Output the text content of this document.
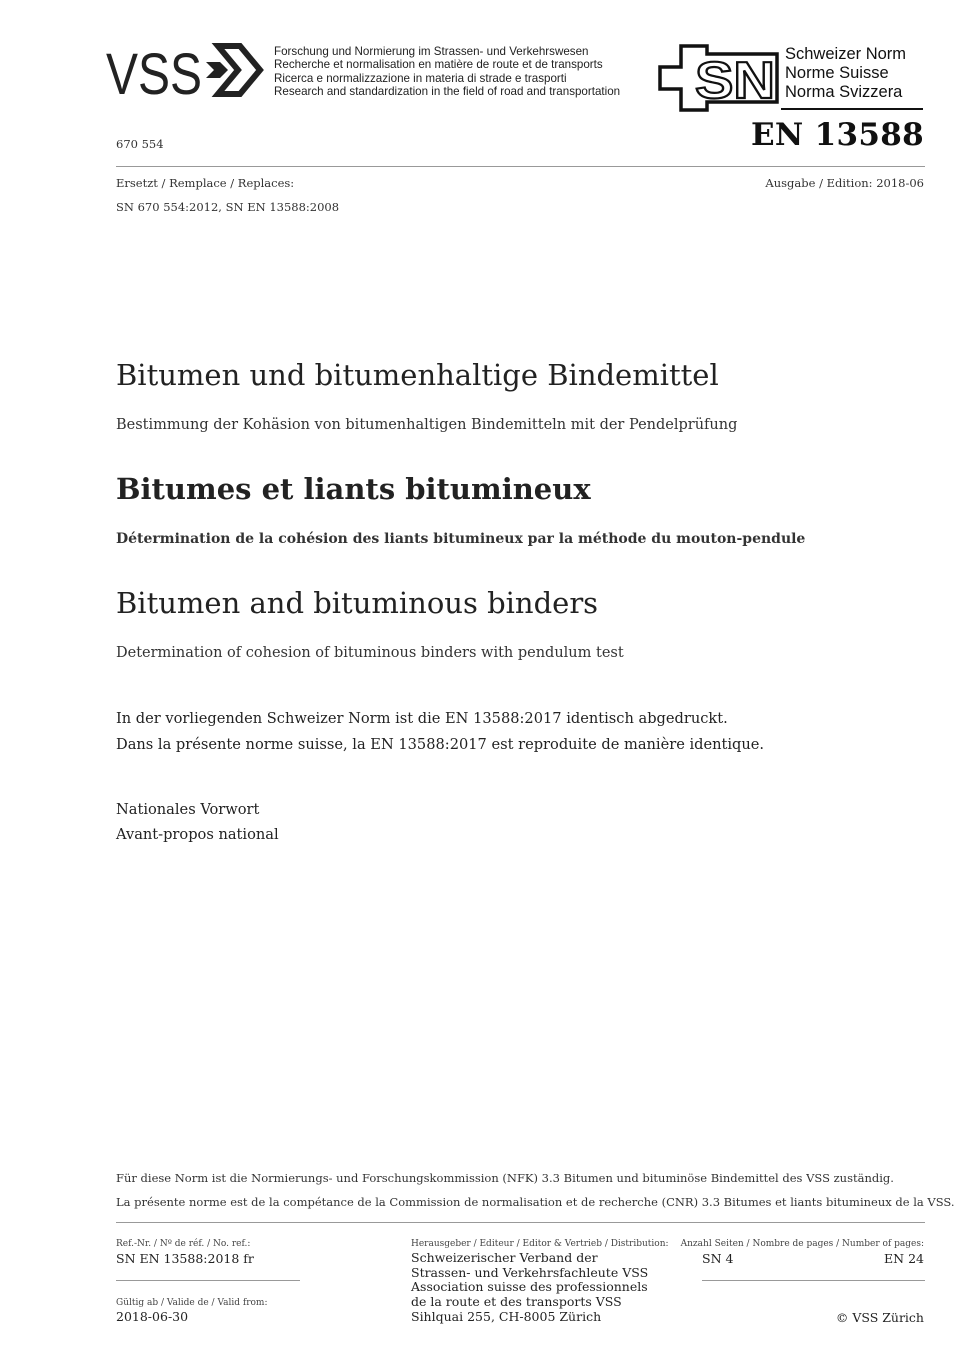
VSS	Forschung und Normierung im Strassen- und Verkehrswesen
Recherche et normalisation en matière de route et de transports
Ricerca e normalizzazione in materia di strade e trasporti
Research and standardization in the field of road and transportation SN Schweizer Norm
Norme Suisse
Norma Svizzera
670 554	EN 13588
Ersetzt / Remplace / Replaces:	Ausgabe / Edition: 2018-06
SN 670 554:2012, SN EN 13588:2008
Bitumen und bitumenhaltige Bindemittel
Bestimmung der Kohäsion von bitumenhaltigen Bindemitteln mit der Pendelprüfung
Bitumes et liants bitumineux
Détermination de la cohésion des liants bitumineux par la méthode du mouton-pendule
Bitumen and bituminous binders
Determination of cohesion of bituminous binders with pendulum test
In der vorliegenden Schweizer Norm ist die EN 13588:2017 identisch abgedruckt.
Dans la présente norme suisse, la EN 13588:2017 est reproduite de manière identique.
Nationales Vorwort
Avant-propos national
Für diese Norm ist die Normierungs- und Forschungskommission (NFK) 3.3 Bitumen und bituminöse Bindemittel des VSS zuständig.
La présente norme est de la compétance de la Commission de normalisation et de recherche (CNR) 3.3 Bitumes et liants bitumineux de la VSS.
Ref.-Nr. / Nº de réf. / No. ref.:
SN EN 13588:2018 fr
Gültig ab / Valide de / Valid from:
2018-06-30
Herausgeber / Editeur / Editor & Vertrieb / Distribution:
Schweizerischer Verband der
Strassen- und Verkehrsfachleute VSS
Association suisse des professionnels
de la route et des transports VSS
Sihlquai 255, CH-8005 Zürich
Anzahl Seiten / Nombre de pages / Number of pages:
SN 4	EN 24
© VSS Zürich
